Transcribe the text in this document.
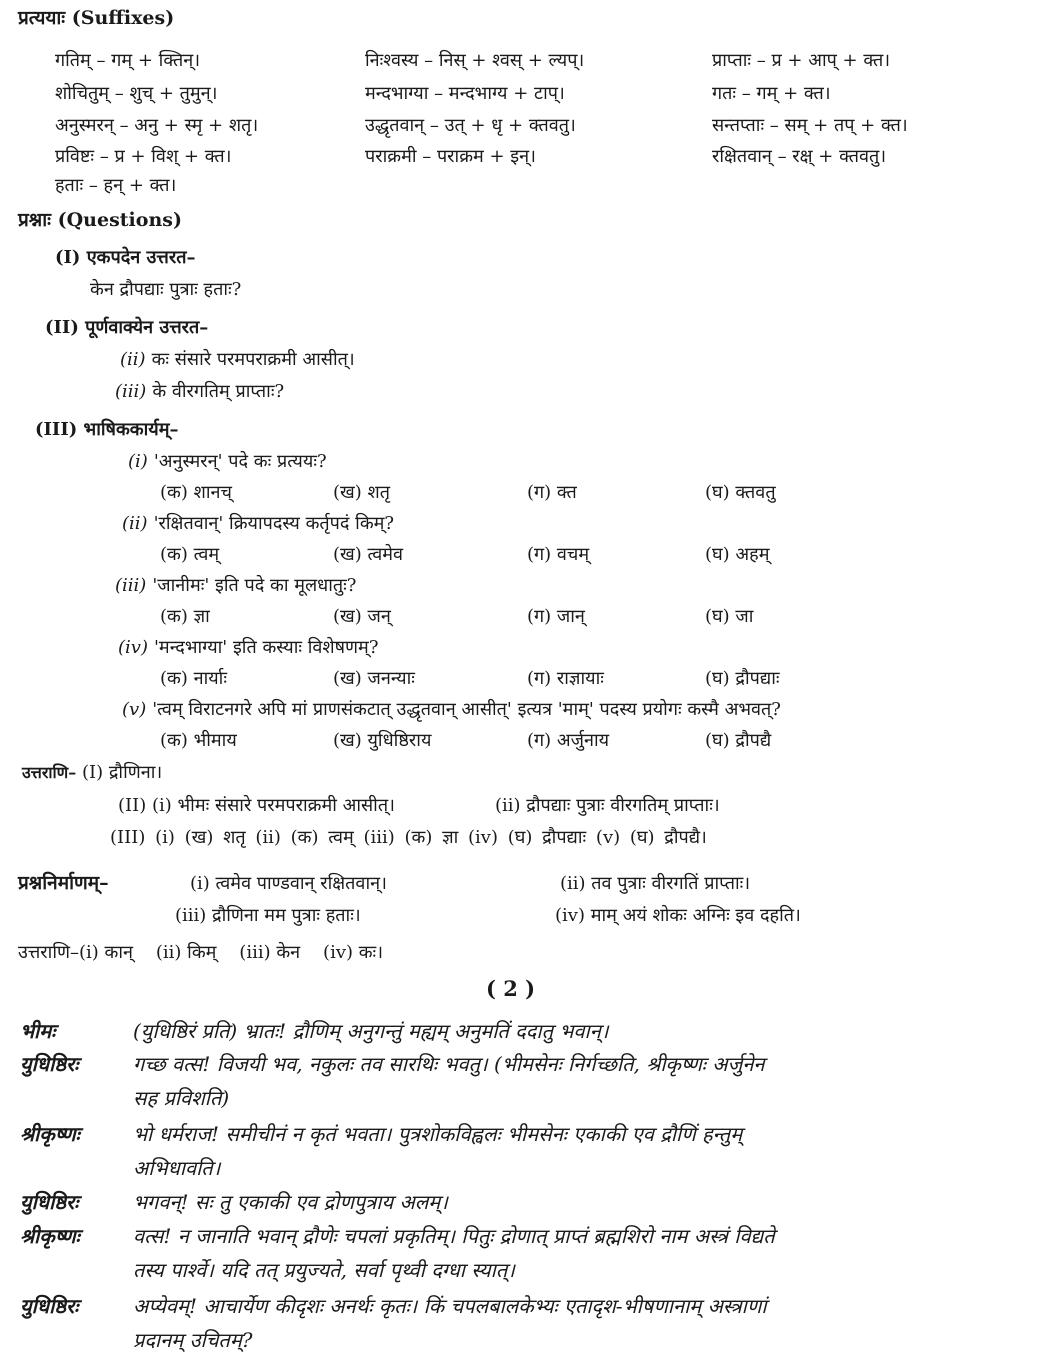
प्रत्ययाः (Suffixes)
गतिम् – गम् + क्तिन्।	निःश्वस्य – निस् + श्वस् + ल्यप्।	प्राप्ताः – प्र + आप् + क्त।
शोचितुम् – शुच् + तुमुन्।	मन्दभाग्या – मन्दभाग्य + टाप्।	गतः – गम् + क्त।
अनुस्मरन् – अनु + स्मृ + शतृ।	उद्धृतवान् – उत् + धृ + क्तवतु।	सन्तप्ताः – सम् + तप् + क्त।
प्रविष्टः – प्र + विश् + क्त।	पराक्रमी – पराक्रम + इन्।	रक्षितवान् – रक्ष् + क्तवतु।
हताः – हन् + क्त।
प्रश्नाः (Questions)
(I) एकपदेन उत्तरत–
केन द्रौपद्याः पुत्राः हताः?
(II) पूर्णवाक्येन उत्तरत–
(ii) कः संसारे परमपराक्रमी आसीत्।
(iii) के वीरगतिम् प्राप्ताः?
(III) भाषिककार्यम्–
(i) 'अनुस्मरन्' पदे कः प्रत्ययः?
(क) शानच्	(ख) शतृ	(ग) क्त	(घ) क्तवतु
(ii) 'रक्षितवान्' क्रियापदस्य कर्तृपदं किम्?
(क) त्वम्	(ख) त्वमेव	(ग) वचम्	(घ) अहम्
(iii) 'जानीमः' इति पदे का मूलधातुः?
(क) ज्ञा	(ख) जन्	(ग) जान्	(घ) जा
(iv) 'मन्दभाग्या' इति कस्याः विशेषणम्?
(क) नार्याः	(ख) जनन्याः	(ग) राज्ञायाः	(घ) द्रौपद्याः
(v) 'त्वम् विराटनगरे अपि मां प्राणसंकटात् उद्धृतवान् आसीत्' इत्यत्र 'माम्' पदस्य प्रयोगः कस्मै अभवत्?
(क) भीमाय	(ख) युधिष्ठिराय	(ग) अर्जुनाय	(घ) द्रौपद्यै
उत्तराणि– (I) द्रौणिना।
(II) (i) भीमः संसारे परमपराक्रमी आसीत्।	(ii) द्रौपद्याः पुत्राः वीरगतिम् प्राप्ताः।
(III) (i) (ख) शतृ (ii) (क) त्वम् (iii) (क) ज्ञा (iv) (घ) द्रौपद्याः (v) (घ) द्रौपद्यै।
प्रश्ननिर्माणम्–	(i) त्वमेव पाण्डवान् रक्षितवान्।	(ii) तव पुत्राः वीरगतिं प्राप्ताः।
(iii) द्रौणिना मम पुत्राः हताः।	(iv) माम् अयं शोकः अग्निः इव दहति।
उत्तराणि–(i) कान्    (ii) किम्    (iii) केन    (iv) कः।
( 2 )
भीमः	(युधिष्ठिरं प्रति) भ्रातः! द्रौणिम् अनुगन्तुं मह्यम् अनुमतिं ददातु भवान्।
युधिष्ठिरः	गच्छ वत्स! विजयी भव, नकुलः तव सारथिः भवतु। (भीमसेनः निर्गच्छति, श्रीकृष्णः अर्जुनेन
सह प्रविशति)
श्रीकृष्णः	भो धर्मराज! समीचीनं न कृतं भवता। पुत्रशोकविह्वलः भीमसेनः एकाकी एव द्रौणिं हन्तुम्
अभिधावति।
युधिष्ठिरः	भगवन्! सः तु एकाकी एव द्रोणपुत्राय अलम्।
श्रीकृष्णः	वत्स! न जानाति भवान् द्रौणेः चपलां प्रकृतिम्। पितुः द्रोणात् प्राप्तं ब्रह्मशिरो नाम अस्त्रं विद्यते
तस्य पार्श्वे। यदि तत् प्रयुज्यते, सर्वा पृथ्वी दग्धा स्यात्।
युधिष्ठिरः	अप्येवम्! आचार्येण कीदृशः अनर्थः कृतः। किं चपलबालकेभ्यः एतादृश-भीषणानाम् अस्त्राणां
प्रदानम् उचितम्?
